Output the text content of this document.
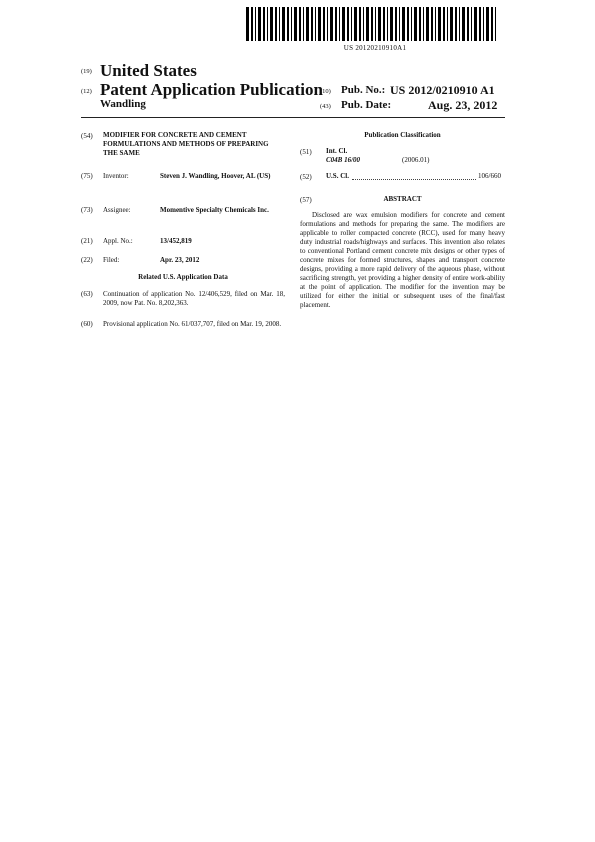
US 20120210910A1
(19) United States
(12) Patent Application Publication
Wandling
(10) Pub. No.: US 2012/0210910 A1
(43) Pub. Date:	Aug. 23, 2012
(54) MODIFIER FOR CONCRETE AND CEMENT FORMULATIONS AND METHODS OF PREPARING THE SAME
(75) Inventor:	Steven J. Wandling, Hoover, AL (US)
(73) Assignee:	Momentive Specialty Chemicals Inc.
(21) Appl. No.:	13/452,819
(22) Filed:	Apr. 23, 2012
Related U.S. Application Data
(63) Continuation of application No. 12/406,529, filed on Mar. 18, 2009, now Pat. No. 8,202,363.
(60) Provisional application No. 61/037,707, filed on Mar. 19, 2008.
Publication Classification
(51) Int. Cl.
C04B 16/00	(2006.01)
(52) U.S. Cl.	106/660
(57)	ABSTRACT
Disclosed are wax emulsion modifiers for concrete and cement formulations and methods for preparing the same. The modifiers are applicable to roller compacted concrete (RCC), used for many heavy duty industrial roads/highways and surfaces. This invention also relates to conventional Portland cement concrete mix designs or other types of concrete mixes for formed structures, shapes and transport concrete designs, providing a more rapid delivery of the aqueous phase, without sacrificing strength, yet providing a higher density of entire work-ability at the point of application. The modifier for the invention may be utilized for either the initial or subsequent uses of the final/fast placement.
